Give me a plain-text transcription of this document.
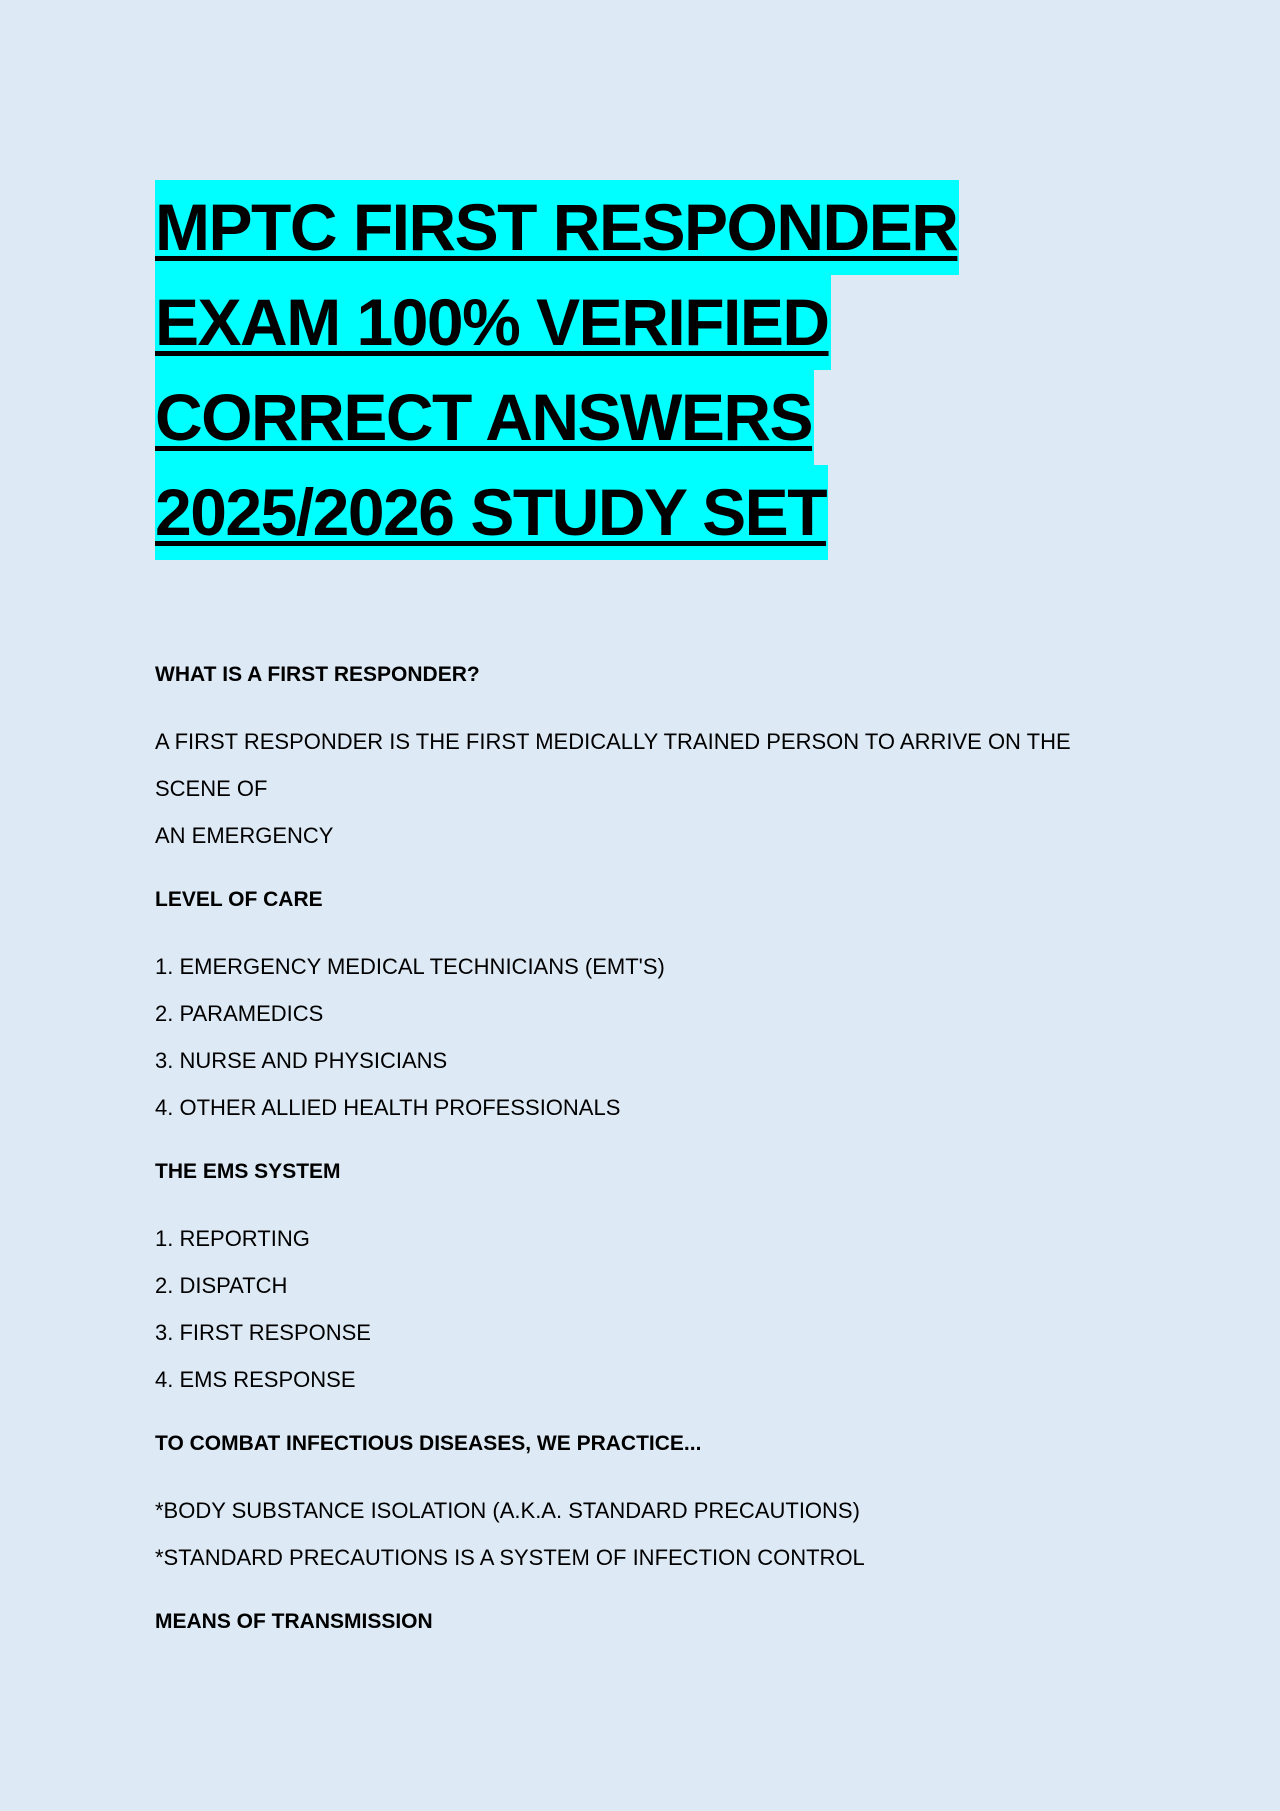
MPTC FIRST RESPONDER
EXAM 100% VERIFIED
CORRECT ANSWERS
2025/2026 STUDY SET

WHAT IS A FIRST RESPONDER?

A FIRST RESPONDER IS THE FIRST MEDICALLY TRAINED PERSON TO ARRIVE ON THE SCENE OF

AN EMERGENCY

LEVEL OF CARE

1. EMERGENCY MEDICAL TECHNICIANS (EMT'S)

2. PARAMEDICS

3. NURSE AND PHYSICIANS

4. OTHER ALLIED HEALTH PROFESSIONALS

THE EMS SYSTEM

1. REPORTING

2. DISPATCH

3. FIRST RESPONSE

4. EMS RESPONSE

TO COMBAT INFECTIOUS DISEASES, WE PRACTICE...

*BODY SUBSTANCE ISOLATION (A.K.A. STANDARD PRECAUTIONS)

*STANDARD PRECAUTIONS IS A SYSTEM OF INFECTION CONTROL

MEANS OF TRANSMISSION
